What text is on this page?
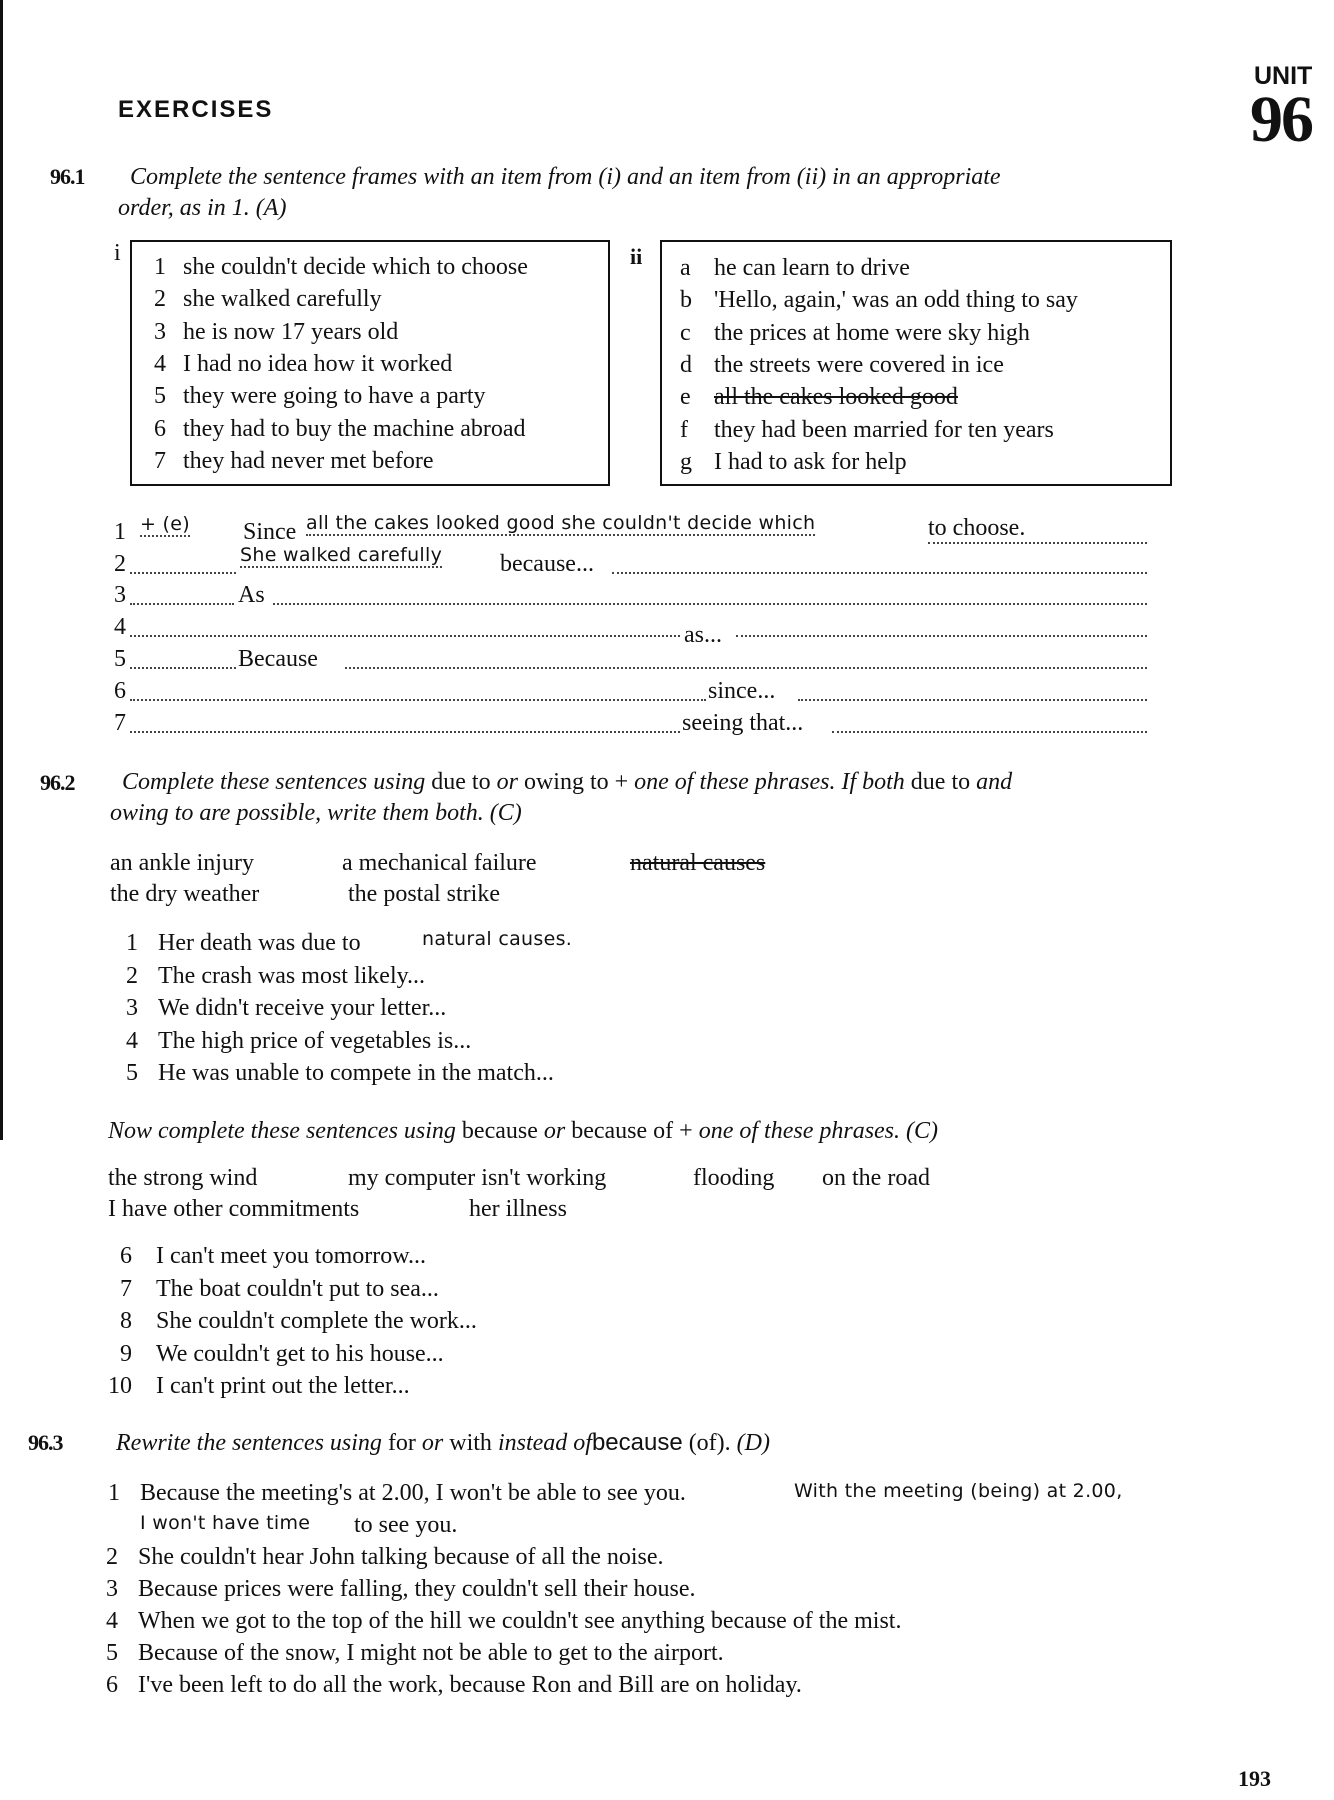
EXERCISES
UNIT
96
96.1 Complete the sentence frames with an item from (i) and an item from (ii) in an appropriate
order, as in 1. (A)
i	ii
1 she couldn't decide which to choose
2 she walked carefully
3 he is now 17 years old
4 I had no idea how it worked
5 they were going to have a party
6 they had to buy the machine abroad
7 they had never met before
a he can learn to drive
b 'Hello, again,' was an odd thing to say
c the prices at home were sky high
d the streets were covered in ice
e all the cakes looked good
f they had been married for ten years
g I had to ask for help
1 + (e) Since all the cakes looked good she couldn't decide which	to choose.
2	She walked carefully because...
3	As
4	as...
5	Because
6	since...
7	seeing that...
96.2 Complete these sentences using due to or owing to + one of these phrases. If both due to and
owing to are possible, write them both. (C)
an ankle injury	a mechanical failure	natural causes
the dry weather	the postal strike
1 Her death was due to
2 The crash was most likely...
3 We didn't receive your letter...
4 The high price of vegetables is...
5 He was unable to compete in the match...
natural causes.
Now complete these sentences using because or because of + one of these phrases. (C)
the strong wind	my computer isn't working	flooding on the road
I have other commitments	her illness
6 I can't meet you tomorrow...
7 The boat couldn't put to sea...
8 She couldn't complete the work...
9 We couldn't get to his house...
10 I can't print out the letter...
96.3 Rewrite the sentences using for or with instead ofbecause (of). (D)
1 Because the meeting's at 2.00, I won't be able to see you.	With the meeting (being) at 2.00,
I won't have time to see you.
2 She couldn't hear John talking because of all the noise.
3 Because prices were falling, they couldn't sell their house.
4 When we got to the top of the hill we couldn't see anything because of the mist.
5 Because of the snow, I might not be able to get to the airport.
6 I've been left to do all the work, because Ron and Bill are on holiday.
193
